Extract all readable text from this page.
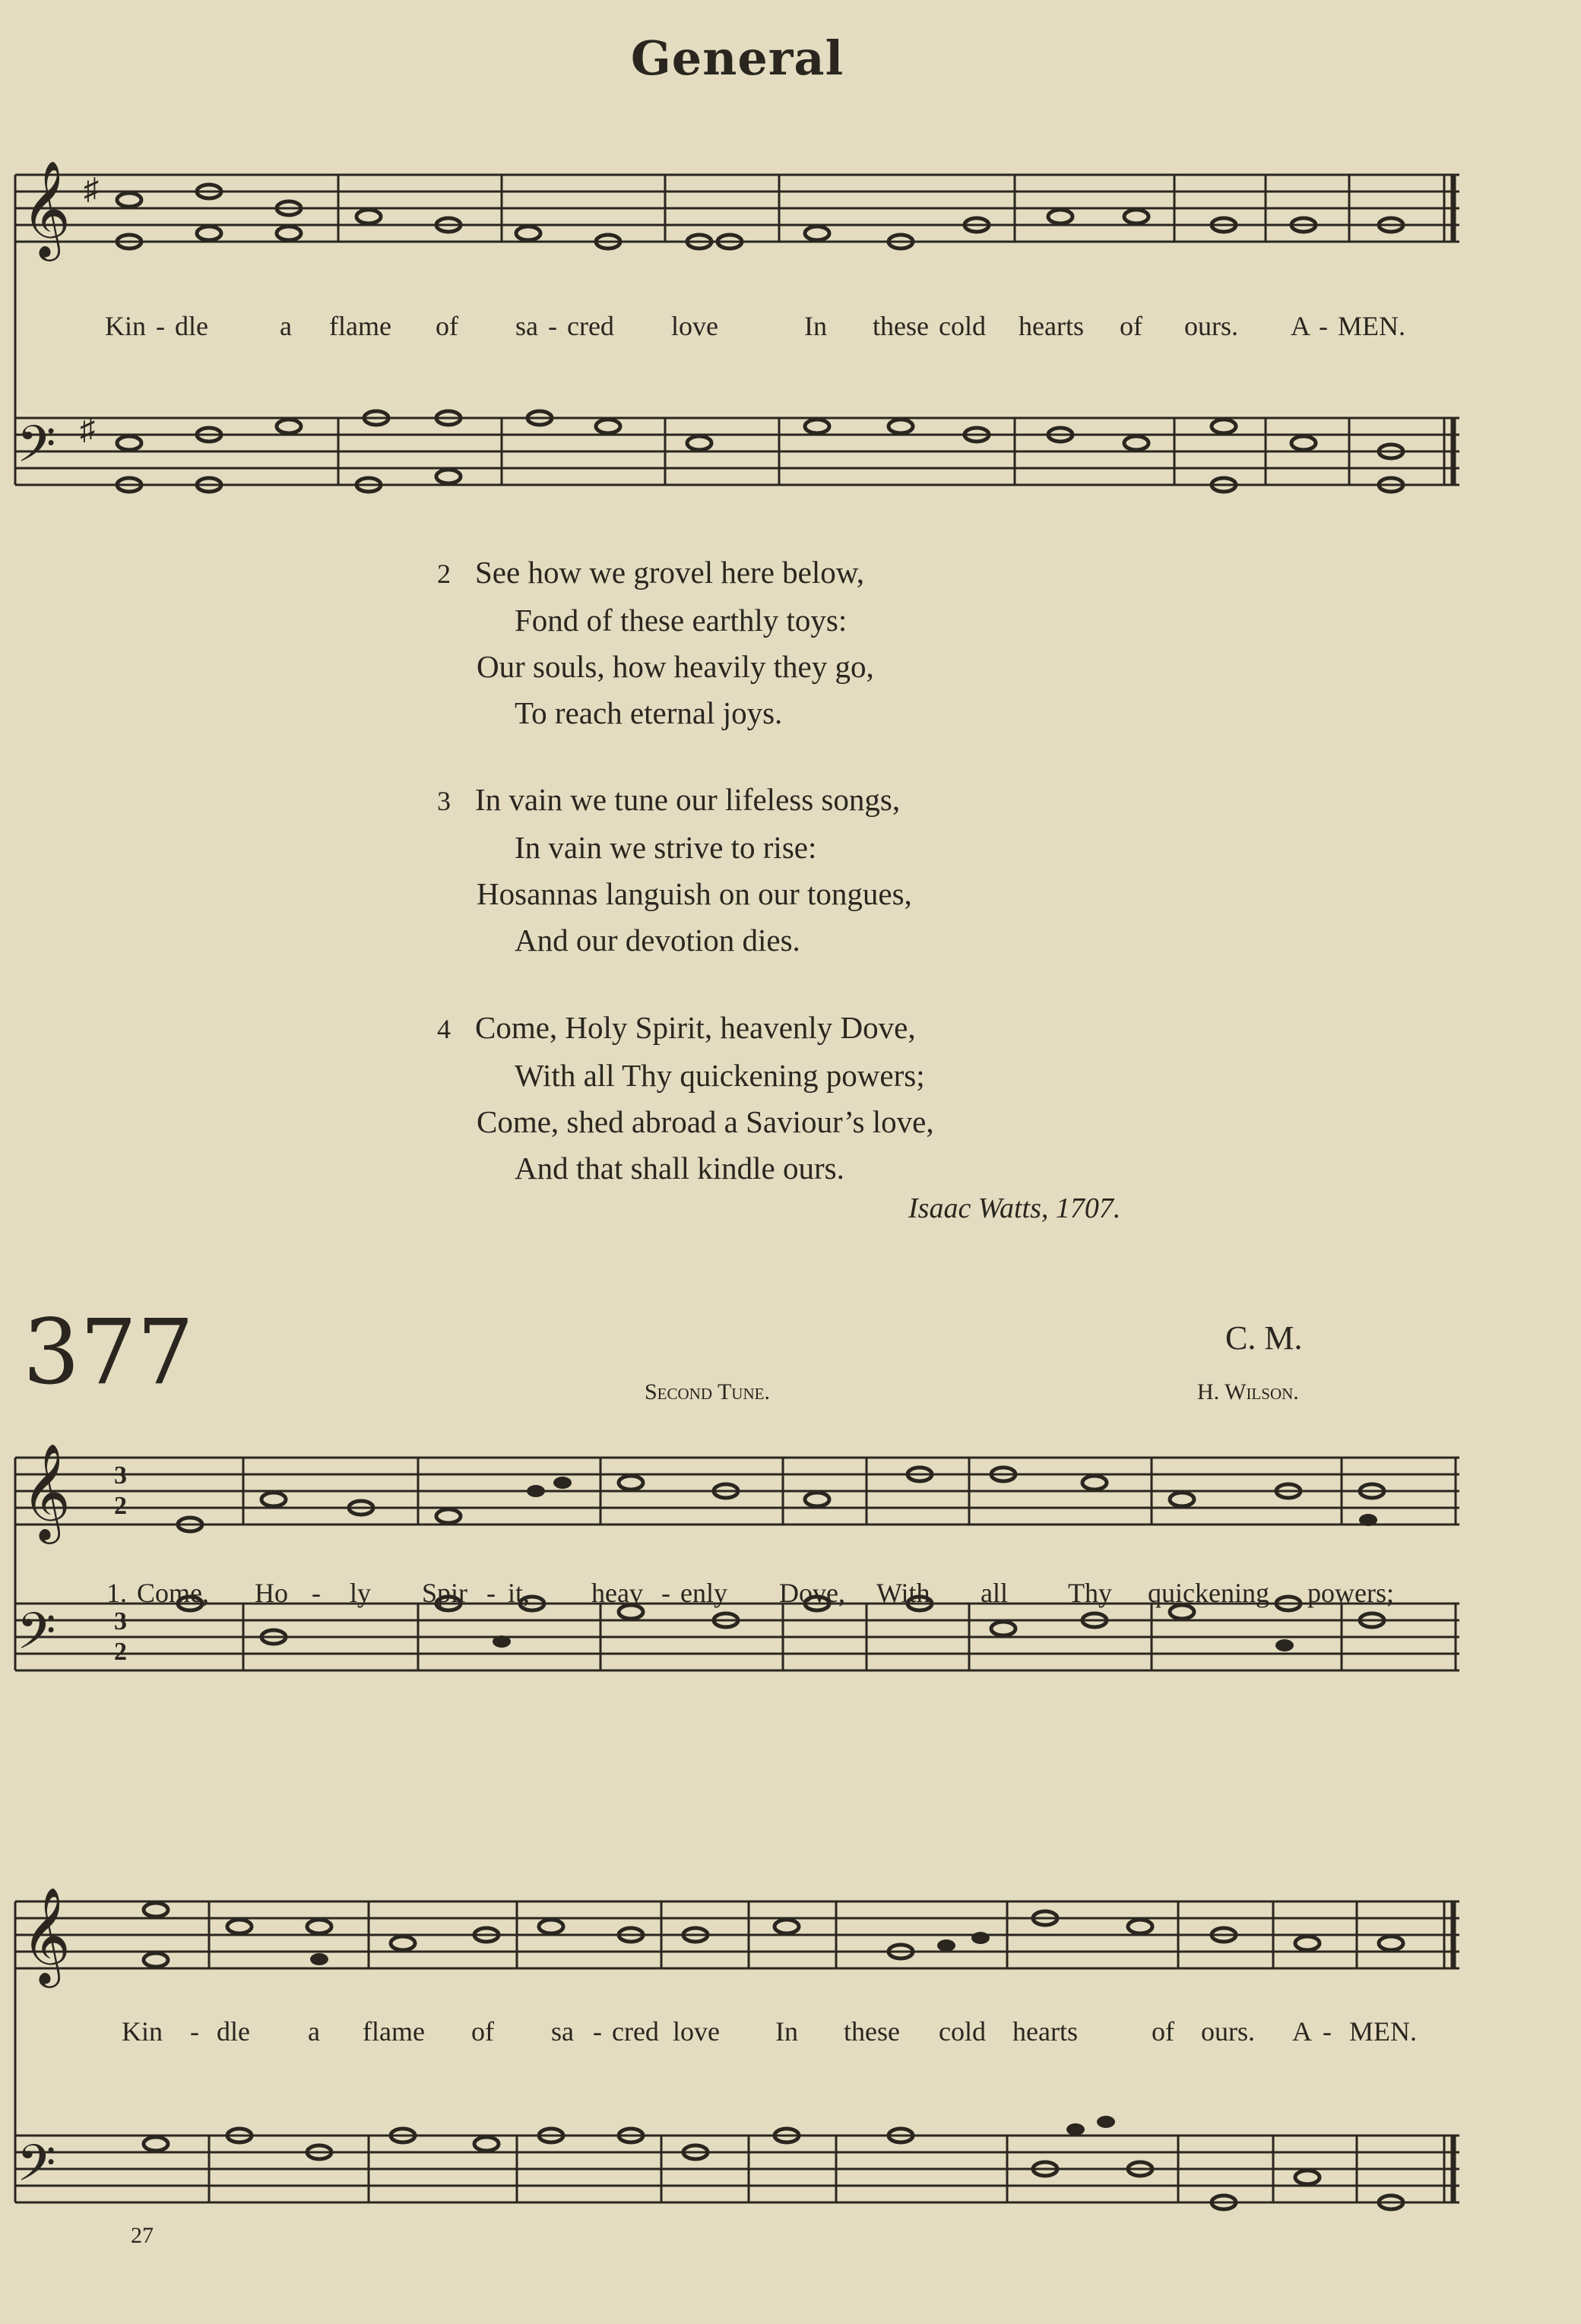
General
𝄞
𝄢
♯
♯
Kin - dle	a flame of sa - cred love	In these cold hearts of ours. A - MEN.
2 See how we grovel here below,
Fond of these earthly toys:
Our souls, how heavily they go,
To reach eternal joys.
3 In vain we tune our lifeless songs,
In vain we strive to rise:
Hosannas languish on our tongues,
And our devotion dies.
4 Come, Holy Spirit, heavenly Dove,
With all Thy quickening powers;
Come, shed abroad a Saviour’s love,
And that shall kindle ours.
Isaac Watts, 1707.
377	C. M.
Second Tune.	H. Wilson.
𝄞
𝄢
3
2
3
2
1. Come, Ho - ly Spir - it, heav - enly Dove, With all Thy quickening powers;
𝄞
𝄢
Kin - dle a flame of sa - cred love In these cold hearts	of ours. A - MEN.
27
